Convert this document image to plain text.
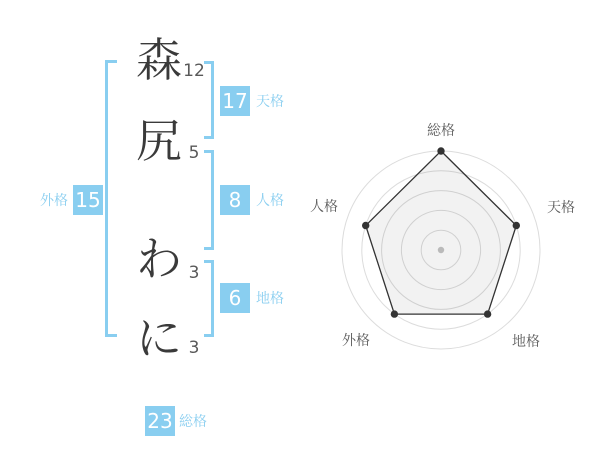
森
尻
わ
に
12
5
3
3
17 天格
8	人格
6	地格
15
外格
23 総格
総格
天格
地格
外格
人格
